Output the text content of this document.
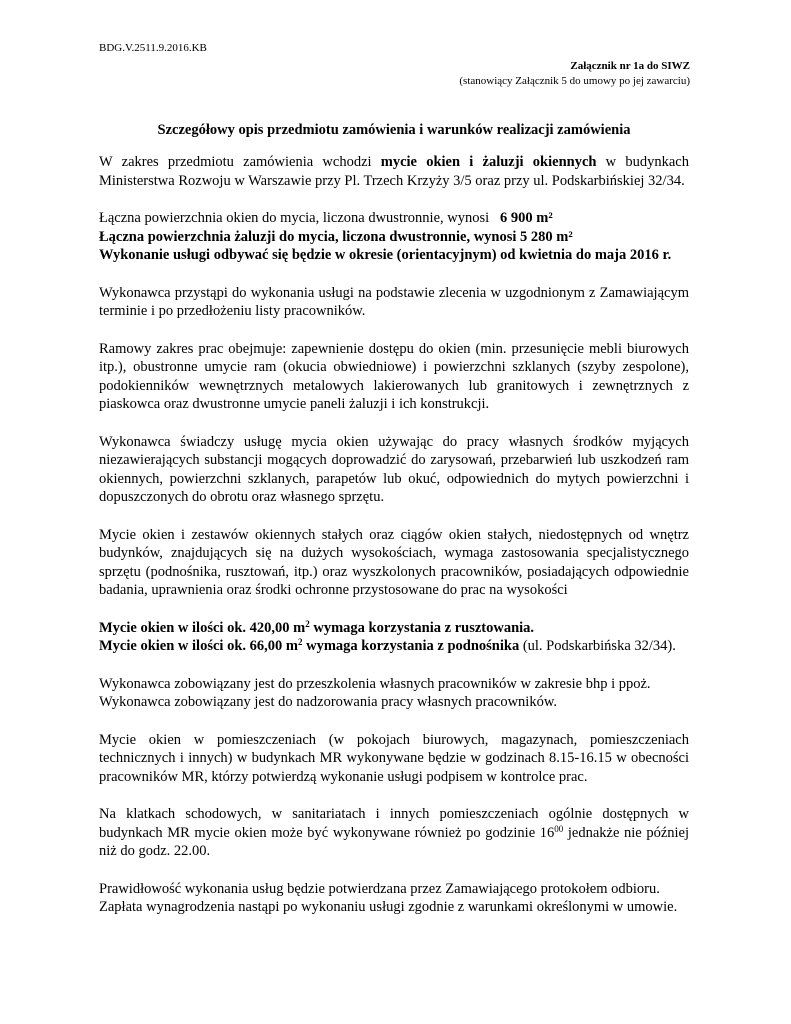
BDG.V.2511.9.2016.KB
Załącznik nr 1a do SIWZ
(stanowiący Załącznik 5 do umowy po jej zawarciu)
Szczegółowy opis przedmiotu zamówienia i warunków realizacji zamówienia

W zakres przedmiotu zamówienia wchodzi mycie okien i żaluzji okiennych w budynkach Ministerstwa Rozwoju w Warszawie przy Pl. Trzech Krzyży 3/5 oraz przy ul. Podskarbińskiej 32/34.

Łączna powierzchnia okien do mycia, liczona dwustronnie, wynosi   6 900 m²
Łączna powierzchnia żaluzji do mycia, liczona dwustronnie, wynosi 5 280 m²
Wykonanie usługi odbywać się będzie w okresie (orientacyjnym) od kwietnia do maja 2016 r.

Wykonawca przystąpi do wykonania usługi na podstawie zlecenia w uzgodnionym z Zamawiającym terminie i po przedłożeniu listy pracowników.

Ramowy zakres prac obejmuje: zapewnienie dostępu do okien (min. przesunięcie mebli biurowych itp.), obustronne umycie ram (okucia obwiedniowe) i powierzchni szklanych (szyby zespolone), podokienników wewnętrznych metalowych lakierowanych lub granitowych i zewnętrznych z piaskowca oraz dwustronne umycie paneli żaluzji i ich konstrukcji.

Wykonawca świadczy usługę mycia okien używając do pracy własnych środków myjących niezawierających substancji mogących doprowadzić do zarysowań, przebarwień lub uszkodzeń ram okiennych, powierzchni szklanych, parapetów lub okuć, odpowiednich do mytych powierzchni i dopuszczonych do obrotu oraz własnego sprzętu.

Mycie okien i zestawów okiennych stałych oraz ciągów okien stałych, niedostępnych od wnętrz budynków, znajdujących się na dużych wysokościach, wymaga zastosowania specjalistycznego sprzętu (podnośnika, rusztowań, itp.) oraz wyszkolonych pracowników, posiadających odpowiednie badania, uprawnienia oraz środki ochronne przystosowane do prac na wysokości

Mycie okien w ilości ok. 420,00 $m^2$ wymaga korzystania z rusztowania.
Mycie okien w ilości ok. 66,00 $m^2$ wymaga korzystania z podnośnika (ul. Podskarbińska 32/34).

Wykonawca zobowiązany jest do przeszkolenia własnych pracowników w zakresie bhp i ppoż.
Wykonawca zobowiązany jest do nadzorowania pracy własnych pracowników.

Mycie okien w pomieszczeniach (w pokojach biurowych, magazynach, pomieszczeniach technicznych i innych) w budynkach MR wykonywane będzie w godzinach 8.15-16.15 w obecności pracowników MR, którzy potwierdzą wykonanie usługi podpisem w kontrolce prac.

Na klatkach schodowych, w sanitariatach i innych pomieszczeniach ogólnie dostępnych w budynkach MR mycie okien może być wykonywane również po godzinie $16^{00}$ jednakże nie później niż do godz. 22.00.

Prawidłowość wykonania usług będzie potwierdzana przez Zamawiającego protokołem odbioru.
Zapłata wynagrodzenia nastąpi po wykonaniu usługi zgodnie z warunkami określonymi w umowie.
